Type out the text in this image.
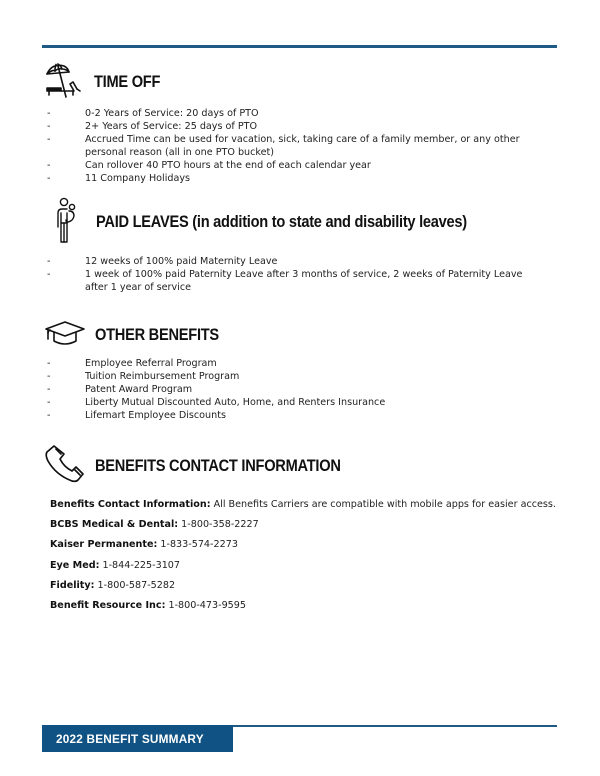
TIME OFF
-	0-2 Years of Service: 20 days of PTO
-	2+ Years of Service: 25 days of PTO
-	Accrued Time can be used for vacation, sick, taking care of a family member, or any other personal reason (all in one PTO bucket)
-	Can rollover 40 PTO hours at the end of each calendar year
-	11 Company Holidays
PAID LEAVES (in addition to state and disability leaves)
-	12 weeks of 100% paid Maternity Leave
-	1 week of 100% paid Paternity Leave after 3 months of service, 2 weeks of Paternity Leave after 1 year of service
OTHER BENEFITS
-	Employee Referral Program
-	Tuition Reimbursement Program
-	Patent Award Program
-	Liberty Mutual Discounted Auto, Home, and Renters Insurance
-	Lifemart Employee Discounts
BENEFITS CONTACT INFORMATION
Benefits Contact Information: All Benefits Carriers are compatible with mobile apps for easier access.
BCBS Medical & Dental: 1-800-358-2227
Kaiser Permanente: 1-833-574-2273
Eye Med: 1-844-225-3107
Fidelity: 1-800-587-5282
Benefit Resource Inc: 1-800-473-9595
2022 BENEFIT SUMMARY
